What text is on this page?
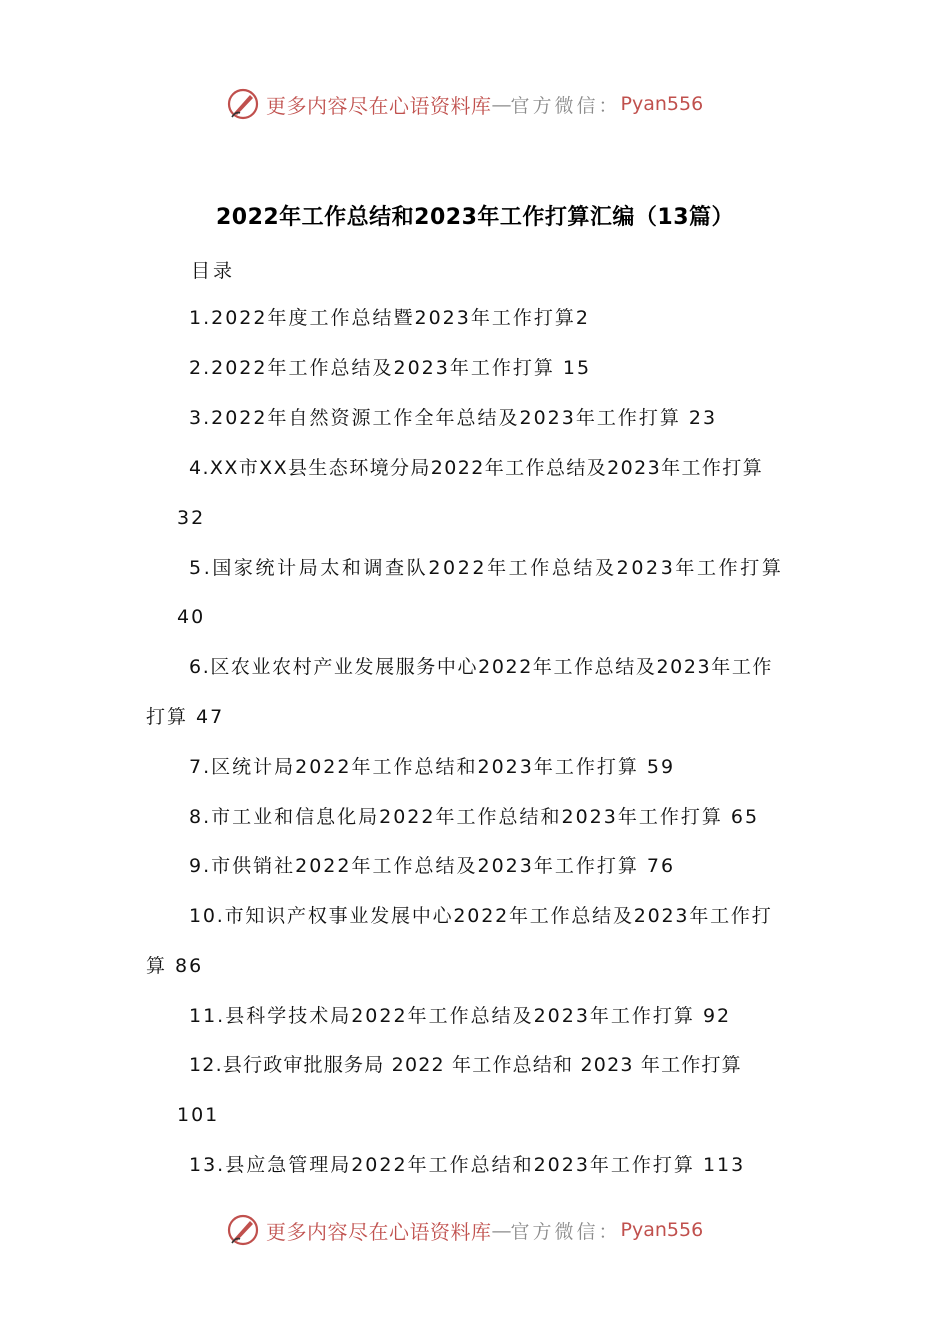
更多内容尽在心语资料库 — 官方微信： Pyan556
2022年工作总结和2023年工作打算汇编（13篇）
目录
1.2022年度工作总结暨2023年工作打算2
2.2022年工作总结及2023年工作打算 15
3.2022年自然资源工作全年总结及2023年工作打算 23
4.XX市XX县生态环境分局2022年工作总结及2023年工作打算
32
5.国家统计局太和调查队2022年工作总结及2023年工作打算
40
6.区农业农村产业发展服务中心2022年工作总结及2023年工作
打算 47
7.区统计局2022年工作总结和2023年工作打算 59
8.市工业和信息化局2022年工作总结和2023年工作打算 65
9.市供销社2022年工作总结及2023年工作打算 76
10.市知识产权事业发展中心2022年工作总结及2023年工作打
算 86
11.县科学技术局2022年工作总结及2023年工作打算 92
12.县行政审批服务局 2022 年工作总结和 2023 年工作打算
101
13.县应急管理局2022年工作总结和2023年工作打算 113
更多内容尽在心语资料库 — 官方微信： Pyan556
